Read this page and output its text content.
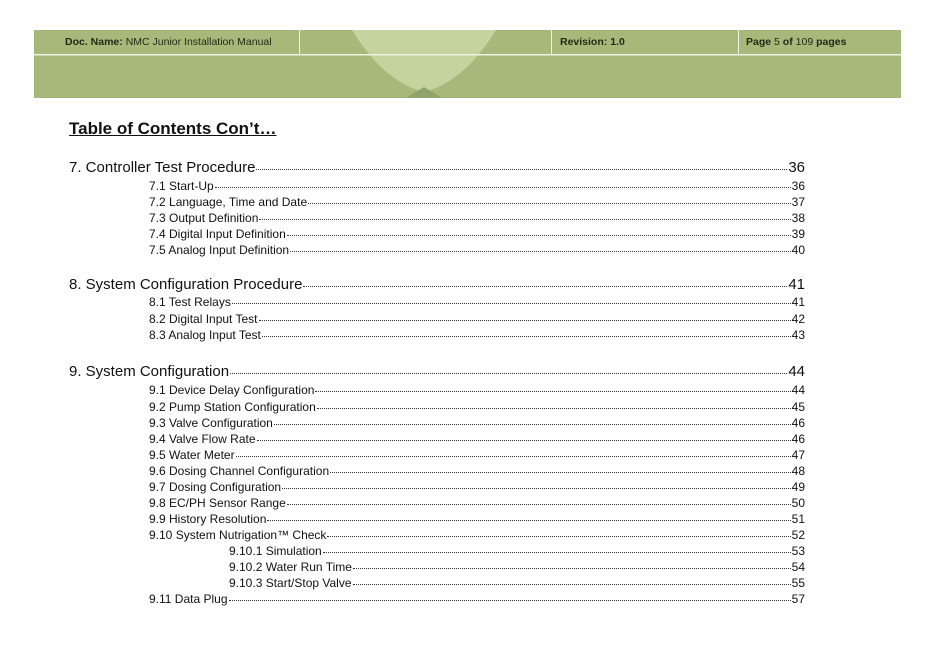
Doc. Name: NMC Junior Installation Manual	Revision: 1.0	Page 5 of 109 pages
Table of Contents Con’t…
7. Controller Test Procedure	36
7.1 Start-Up	36
7.2 Language, Time and Date	37
7.3 Output Definition	38
7.4 Digital Input Definition	39
7.5 Analog Input Definition	40
8. System Configuration Procedure	41
8.1 Test Relays	41
8.2 Digital Input Test	42
8.3 Analog Input Test	43
9. System Configuration	44
9.1 Device Delay Configuration	44
9.2 Pump Station Configuration	45
9.3 Valve Configuration	46
9.4 Valve Flow Rate	46
9.5 Water Meter	47
9.6 Dosing Channel Configuration	48
9.7 Dosing Configuration	49
9.8 EC/PH Sensor Range	50
9.9 History Resolution	51
9.10 System Nutrigation™ Check	52
9.10.1 Simulation	53
9.10.2 Water Run Time	54
9.10.3 Start/Stop Valve	55
9.11 Data Plug	57
